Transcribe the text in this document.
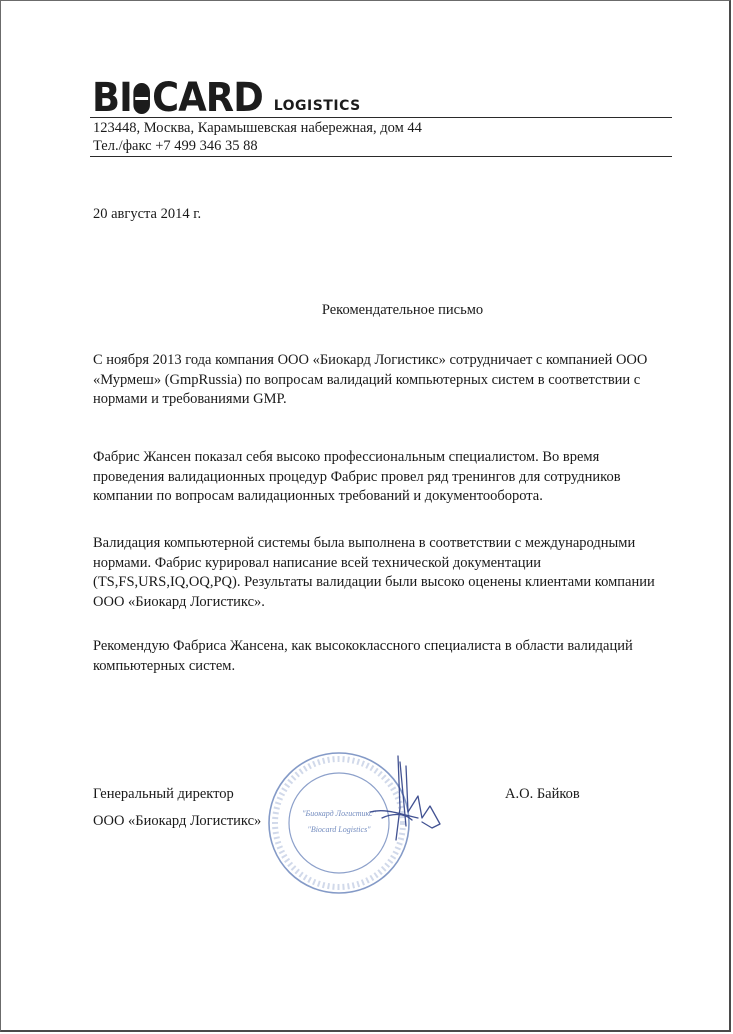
BI CARD LOGISTICS
123448, Москва, Карамышевская набережная, дом 44
Тел./факс +7 499 346 35 88
20 августа 2014 г.
Рекомендательное письмо
С ноября 2013 года компания ООО «Биокард Логистикс» сотрудничает с компанией ООО
«Мурмеш» (GmpRussia) по вопросам валидаций компьютерных систем в соответствии с
нормами и требованиями GMP.
Фабрис Жансен показал себя высоко профессиональным специалистом. Во время
проведения валидационных процедур Фабрис провел ряд тренингов для сотрудников
компании по вопросам валидационных требований и документооборота.
Валидация компьютерной системы была выполнена в соответствии с международными
нормами. Фабрис курировал написание всей технической документации
(TS,FS,URS,IQ,OQ,PQ). Результаты валидации были высоко оценены клиентами компании
ООО «Биокард Логистикс».
Рекомендую Фабриса Жансена, как высококлассного специалиста в области валидаций
компьютерных систем.
"Биокард Логистикс"
"Biocard Logistics"
Генеральный директор
ООО «Биокард Логистикс»
А.О. Байков
